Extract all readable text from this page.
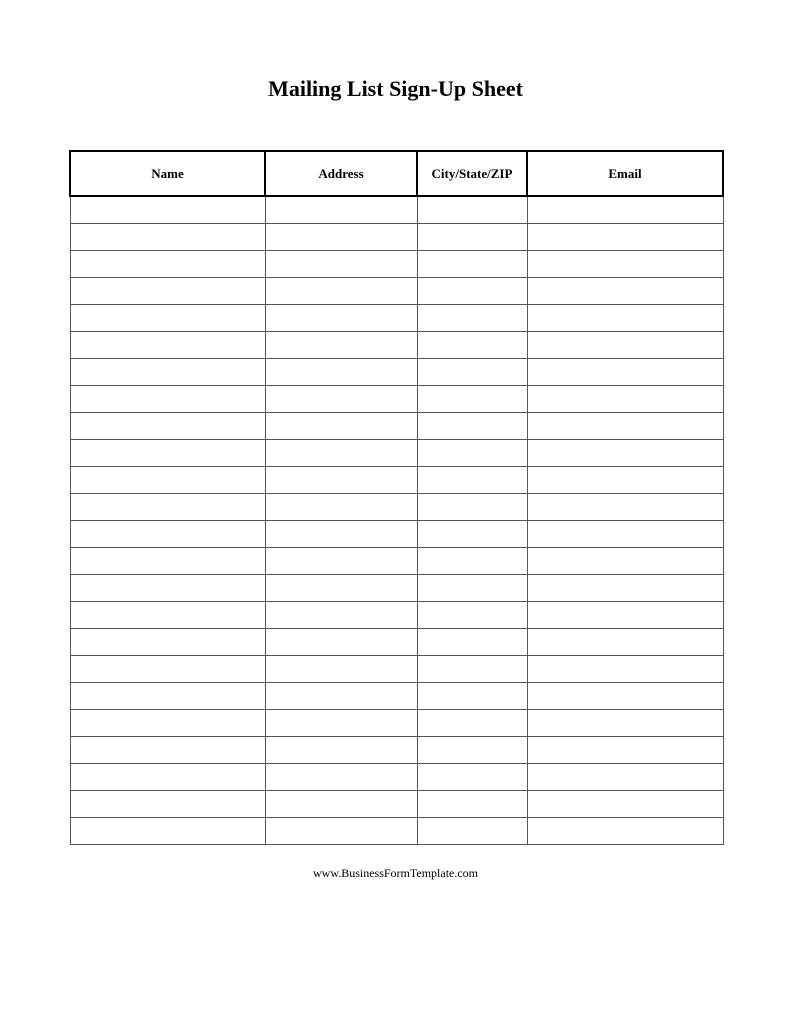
Mailing List Sign-Up Sheet
Name	Address	City/State/ZIP	Email

www.BusinessFormTemplate.com
